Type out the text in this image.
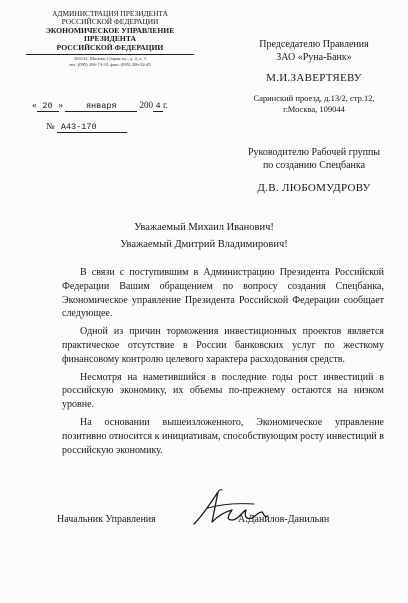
АДМИНИСТРАЦИЯ ПРЕЗИДЕНТА
РОССИЙСКОЙ ФЕДЕРАЦИИ
ЭКОНОМИЧЕСКОЕ УПРАВЛЕНИЕ
ПРЕЗИДЕНТА
РОССИЙСКОЙ ФЕДЕРАЦИИ
103132, Москва, Старая пл., д. 4, п. 1
тел. (095) 206-74-33, факс (095) 206-32-45
« 20 »	января	200 4 г.
№ А43-170
Председателю Правления
ЗАО «Руна-Банк»
М.И.ЗАВЕРТЯЕВУ
Саринский проезд, д.13/2, стр.12,
г.Москва, 109044
Руководителю Рабочей группы
по созданию Спецбанка
Д.В. ЛЮБОМУДРОВУ
Уважаемый Михаил Иванович!
Уважаемый Дмитрий Владимирович!

В связи с поступившим в Администрацию Президента Российской Федерации Вашим обращением по вопросу создания Спецбанка, Экономическое управление Президента Российской Федерации сообщает следующее.

Одной из причин торможения инвестиционных проектов является практическое отсутствие в России банковских услуг по жесткому финансовому контролю целевого характера расходования средств.

Несмотря на наметившийся в последние годы рост инвестиций в российскую экономику, их объемы по-прежнему остаются на низком уровне.

На основании вышеизложенного, Экономическое управление позитивно относится к инициативам, способствующим росту инвестиций в российскую экономику.

Начальник Управления	А.Данилов-Данильян
